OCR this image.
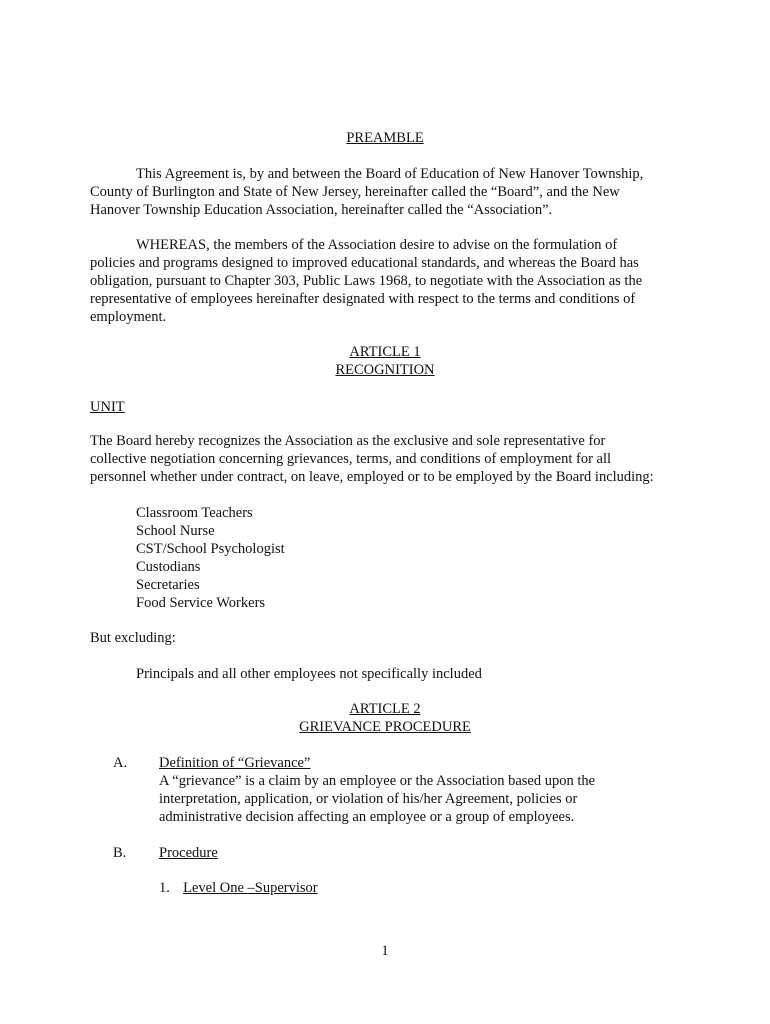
PREAMBLE

This Agreement is, by and between the Board of Education of New Hanover Township,
County of Burlington and State of New Jersey, hereinafter called the “Board”, and the New
Hanover Township Education Association, hereinafter called the “Association”.
WHEREAS, the members of the Association desire to advise on the formulation of
policies and programs designed to improved educational standards, and whereas the Board has
obligation, pursuant to Chapter 303, Public Laws 1968, to negotiate with the Association as the
representative of employees hereinafter designated with respect to the terms and conditions of
employment.

ARTICLE 1

RECOGNITION

UNIT

The Board hereby recognizes the Association as the exclusive and sole representative for
collective negotiation concerning grievances, terms, and conditions of employment for all
personnel whether under contract, on leave, employed or to be employed by the Board including:
Classroom Teachers
School Nurse
CST/School Psychologist
Custodians
Secretaries
Food Service Workers

But excluding:

Principals and all other employees not specifically included

ARTICLE 2

GRIEVANCE PROCEDURE

A. Definition of “Grievance”
A “grievance” is a claim by an employee or the Association based upon the
interpretation, application, or violation of his/her Agreement, policies or
administrative decision affecting an employee or a group of employees.
B. Procedure
1. Level One –Supervisor

1
